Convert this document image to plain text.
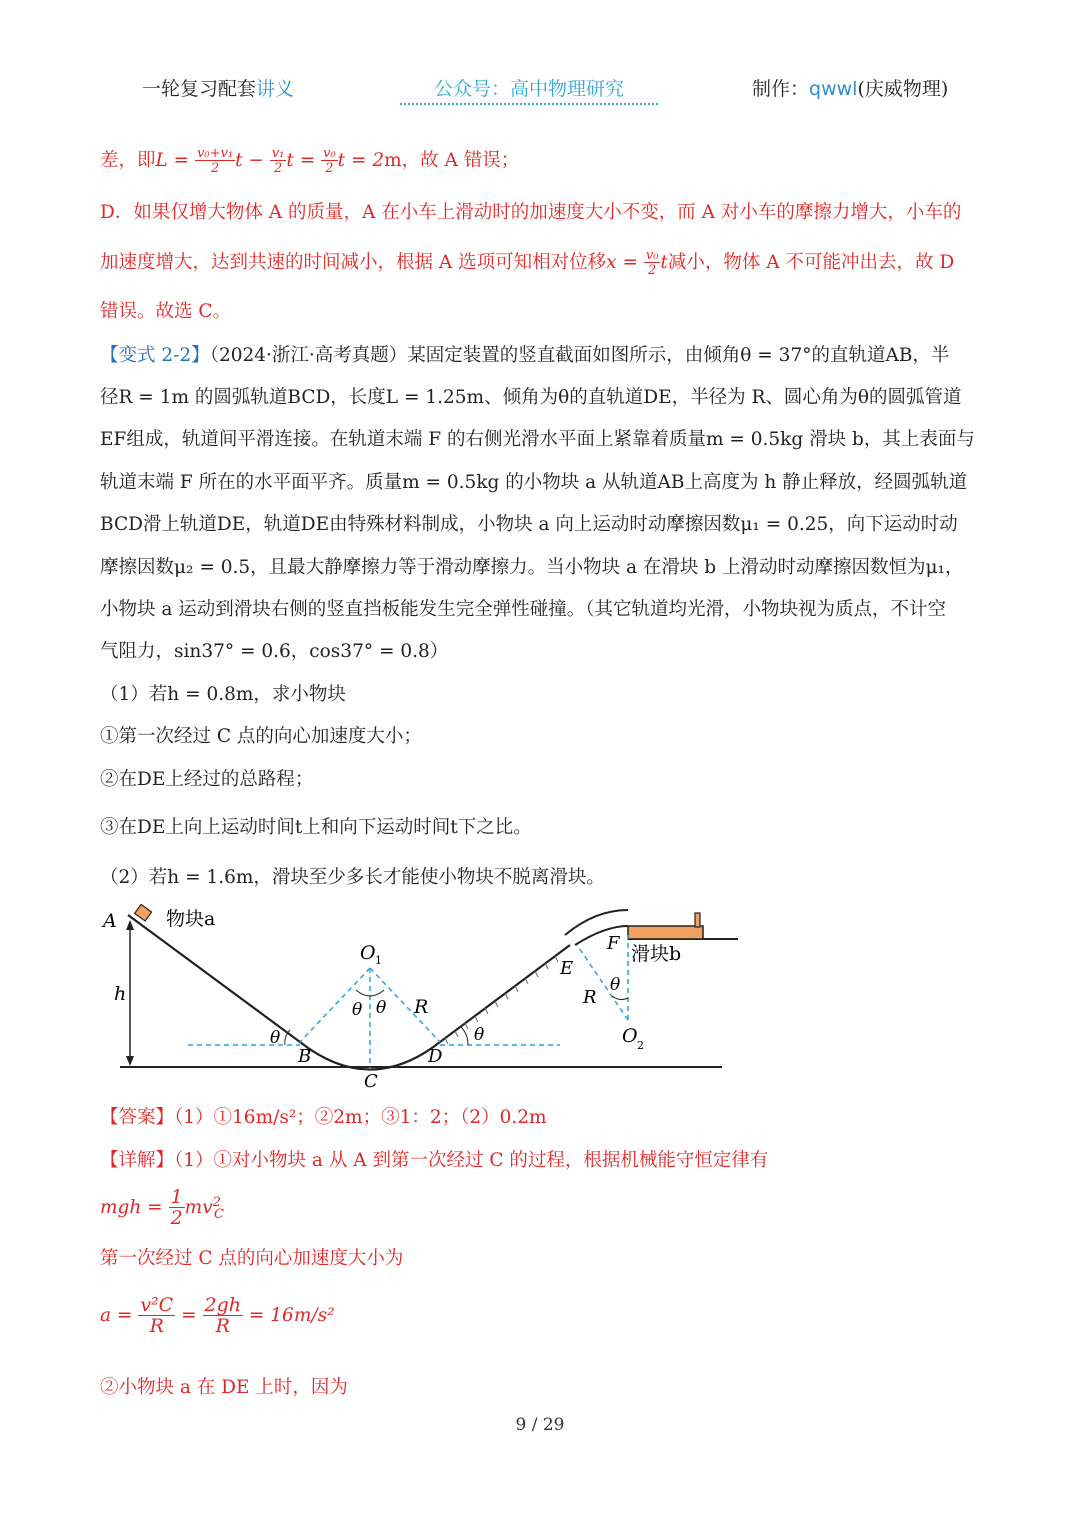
一轮复习配套讲义	公众号：高中物理研究	制作：qwwl(庆威物理)
差，即$L = \frac{\text{v₀+v₁}}{2}$ $t - \frac{\text{v₁}}{2}$ $t = \frac{\text{v₀}}{2}$ t = 2m，故 A 错误；
D．如果仅增大物体 A 的质量，A 在小车上滑动时的加速度大小不变，而 A 对小车的摩擦力增大，小车的
加速度增大，达到共速的时间减小，根据 A 选项可知相对位移$x = \frac{\text{v₀}}{2}$ t减小，物体 A 不可能冲出去，故 D
错误。故选 C。
【变式 2-2】（2024·浙江·高考真题）某固定装置的竖直截面如图所示，由倾角θ = 37°的直轨道AB，半
径R = 1m 的圆弧轨道BCD，长度L = 1.25m、倾角为θ的直轨道DE，半径为 R、圆心角为θ的圆弧管道
EF组成，轨道间平滑连接。在轨道末端 F 的右侧光滑水平面上紧靠着质量m = 0.5kg 滑块 b，其上表面与
轨道末端 F 所在的水平面平齐。质量m = 0.5kg 的小物块 a 从轨道AB上高度为 h 静止释放，经圆弧轨道
BCD滑上轨道DE，轨道DE由特殊材料制成，小物块 a 向上运动时动摩擦因数μ₁ = 0.25，向下运动时动
摩擦因数μ₂ = 0.5，且最大静摩擦力等于滑动摩擦力。当小物块 a 在滑块 b 上滑动时动摩擦因数恒为μ₁，
小物块 a 运动到滑块右侧的竖直挡板能发生完全弹性碰撞。（其它轨道均光滑，小物块视为质点，不计空
气阻力，sin37° = 0.6，cos37° = 0.8）
（1）若h = 0.8m，求小物块
①第一次经过 C 点的向心加速度大小；
②在DE上经过的总路程；
③在DE上向上运动时间t上和向下运动时间t下之比。
（2）若h = 1.6m，滑块至少多长才能使小物块不脱离滑块。
A	物块a
h
O 1
θ θ R
θ	θ
B
C
D
E
F 滑块b
R
θ
O 2
【答案】（1）①16m/s²；②2m；③1：2；（2）0.2m
【详解】（1）①对小物块 a 从 A 到第一次经过 C 的过程，根据机械能守恒定律有
mgh = $\frac{1}{2} mv^2_C$
第一次经过 C 点的向心加速度大小为
$a = \frac{\text{v²C}}{R} = \frac{2gh}{R} = 16m/s^2$
②小物块 a 在 DE 上时，因为
9 / 29
